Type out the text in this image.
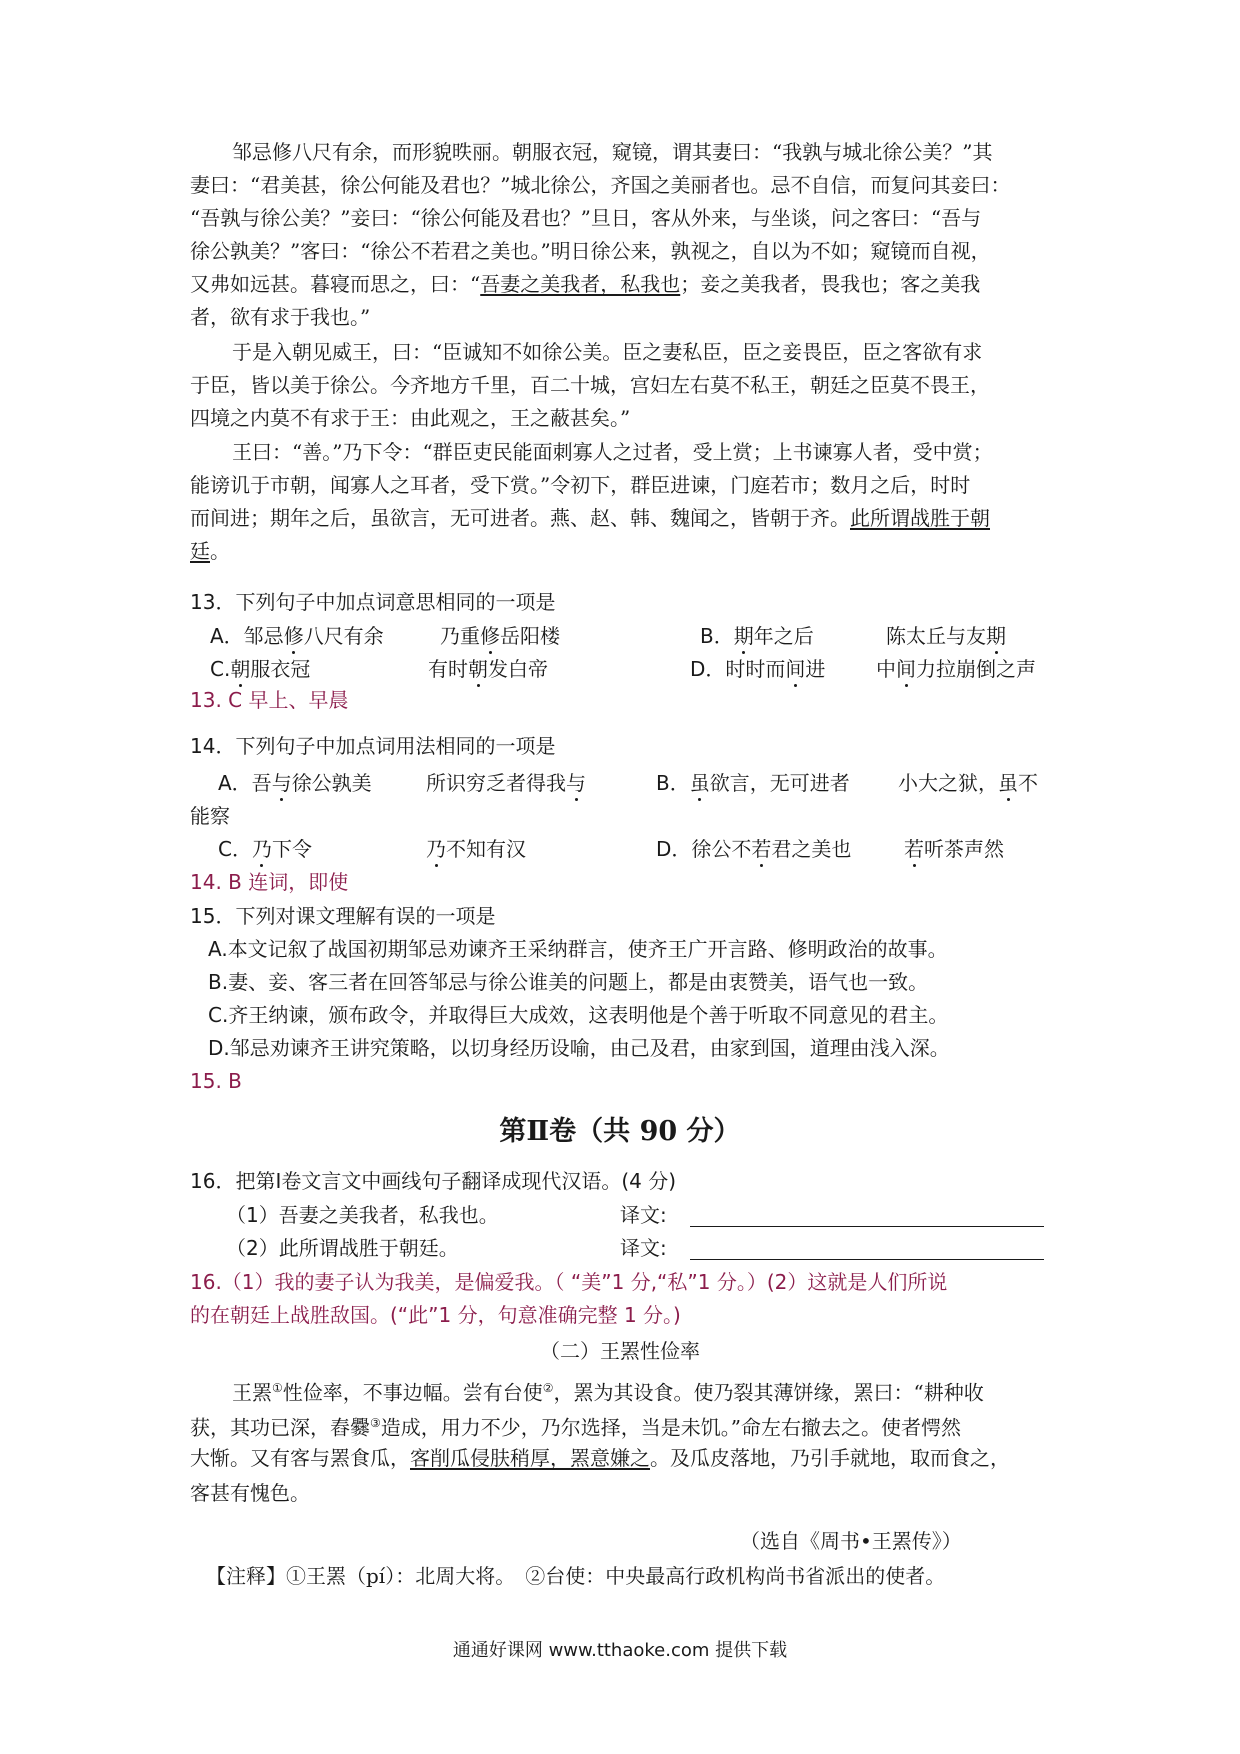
邹忌修八尺有余，而形貌昳丽。朝服衣冠，窥镜，谓其妻曰：“我孰与城北徐公美？”其
妻曰：“君美甚，徐公何能及君也？”城北徐公，齐国之美丽者也。忌不自信，而复问其妾曰：
“吾孰与徐公美？”妾曰：“徐公何能及君也？”旦日，客从外来，与坐谈，问之客曰：“吾与
徐公孰美？”客曰：“徐公不若君之美也。”明日徐公来，孰视之，自以为不如；窥镜而自视，
又弗如远甚。暮寝而思之，曰：“吾妻之美我者，私我也；妾之美我者，畏我也；客之美我
者，欲有求于我也。”
于是入朝见威王，曰：“臣诚知不如徐公美。臣之妻私臣，臣之妾畏臣，臣之客欲有求
于臣，皆以美于徐公。今齐地方千里，百二十城，宫妇左右莫不私王，朝廷之臣莫不畏王，
四境之内莫不有求于王：由此观之，王之蔽甚矣。”
王曰：“善。”乃下令：“群臣吏民能面刺寡人之过者，受上赏；上书谏寡人者，受中赏；
能谤讥于市朝，闻寡人之耳者，受下赏。”令初下，群臣进谏，门庭若市；数月之后，时时
而间进；期年之后，虽欲言，无可进者。燕、赵、韩、魏闻之，皆朝于齐。此所谓战胜于朝
廷。
13．下列句子中加点词意思相同的一项是
A．邹忌修八尺有余	乃重修岳阳楼	B．期年之后	陈太丘与友期
C.朝服衣冠	有时朝发白帝	D．时时而间进	中间力拉崩倒之声
13. C 早上、早晨
14．下列句子中加点词用法相同的一项是
A．吾与徐公孰美	所识穷乏者得我与	B．虽欲言，无可进者 小大之狱，虽不
能察
C．乃下令	乃不知有汉	D．徐公不若君之美也	若听茶声然
14. B 连词，即使
15．下列对课文理解有误的一项是
A.本文记叙了战国初期邹忌劝谏齐王采纳群言，使齐王广开言路、修明政治的故事。
B.妻、妾、客三者在回答邹忌与徐公谁美的问题上，都是由衷赞美，语气也一致。
C.齐王纳谏，颁布政令，并取得巨大成效，这表明他是个善于听取不同意见的君主。
D.邹忌劝谏齐王讲究策略，以切身经历设喻，由己及君，由家到国，道理由浅入深。
15. B
第Ⅱ卷（共 90 分）
16．把第Ⅰ卷文言文中画线句子翻译成现代汉语。(4 分)
（1）吾妻之美我者，私我也。	译文:
（2）此所谓战胜于朝廷。	译文:
16.（1）我的妻子认为我美，是偏爱我。（ “美”1 分,“私”1 分。）(2）这就是人们所说
的在朝廷上战胜敌国。(“此”1 分，句意准确完整 1 分。)
（二）王罴性俭率
王罴①性俭率，不事边幅。尝有台使②，罴为其设食。使乃裂其薄饼缘，罴曰：“耕种收
获，其功已深，舂爨③造成，用力不少，乃尔选择，当是未饥。”命左右撤去之。使者愕然
大惭。又有客与罴食瓜，客削瓜侵肤稍厚，罴意嫌之。及瓜皮落地，乃引手就地，取而食之，
客甚有愧色。
（选自《周书•王罴传》）
【注释】①王罴（pí）：北周大将。　②台使：中央最高行政机构尚书省派出的使者。
通通好课网 www.tthaoke.com 提供下载
